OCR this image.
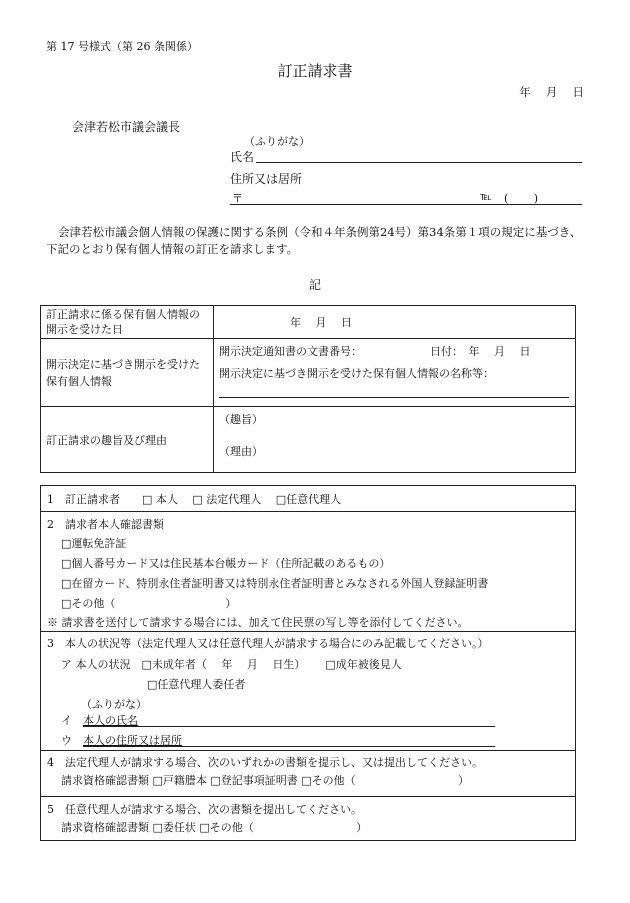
第 17 号様式（第 26 条関係）
訂正請求書
年　 月　 日
会津若松市議会議長
（ふりがな）
氏名
住所又は居所
〒	℡ (　　 )
会津若松市議会個人情報の保護に関する条例（令和４年条例第24号）第34条第１項の規定に基づき、下記のとおり保有個人情報の訂正を請求します。
記
訂正請求に係る保有個人情報の開示を受けた日	年　 月　 日
開示決定に基づき開示を受けた保有個人情報	開示決定通知書の文書番号： 日付：　年　 月　 日
開示決定に基づき開示を受けた保有個人情報の名称等：

訂正請求の趣旨及び理由	（趣旨）
（理由）
1　訂正請求者　　□ 本人　 □ 法定代理人　 □任意代理人
2　請求者本人確認書類
□運転免許証
□個人番号カード又は住民基本台帳カード（住所記載のあるもの）
□在留カード、特別永住者証明書又は特別永住者証明書とみなされる外国人登録証明書
□その他（　　　　　　　　　　）
※ 請求書を送付して請求する場合には、加えて住民票の写し等を添付してください。
3　本人の状況等（法定代理人又は任意代理人が請求する場合にのみ記載してください。）
ア 本人の状況　□未成年者（　 年　 月　 日生）　　 □成年被後見人
□任意代理人委任者
（ふりがな）
イ 本人の氏名
ウ 本人の住所又は居所
4　法定代理人が請求する場合、次のいずれかの書類を提示し、又は提出してください。
請求資格確認書類 □戸籍謄本 □登記事項証明書 □その他（　　　　　　　　　 ）
5　任意代理人が請求する場合、次の書類を提出してください。
請求資格確認書類 □委任状 □その他（　　　　　　　　　 ）
